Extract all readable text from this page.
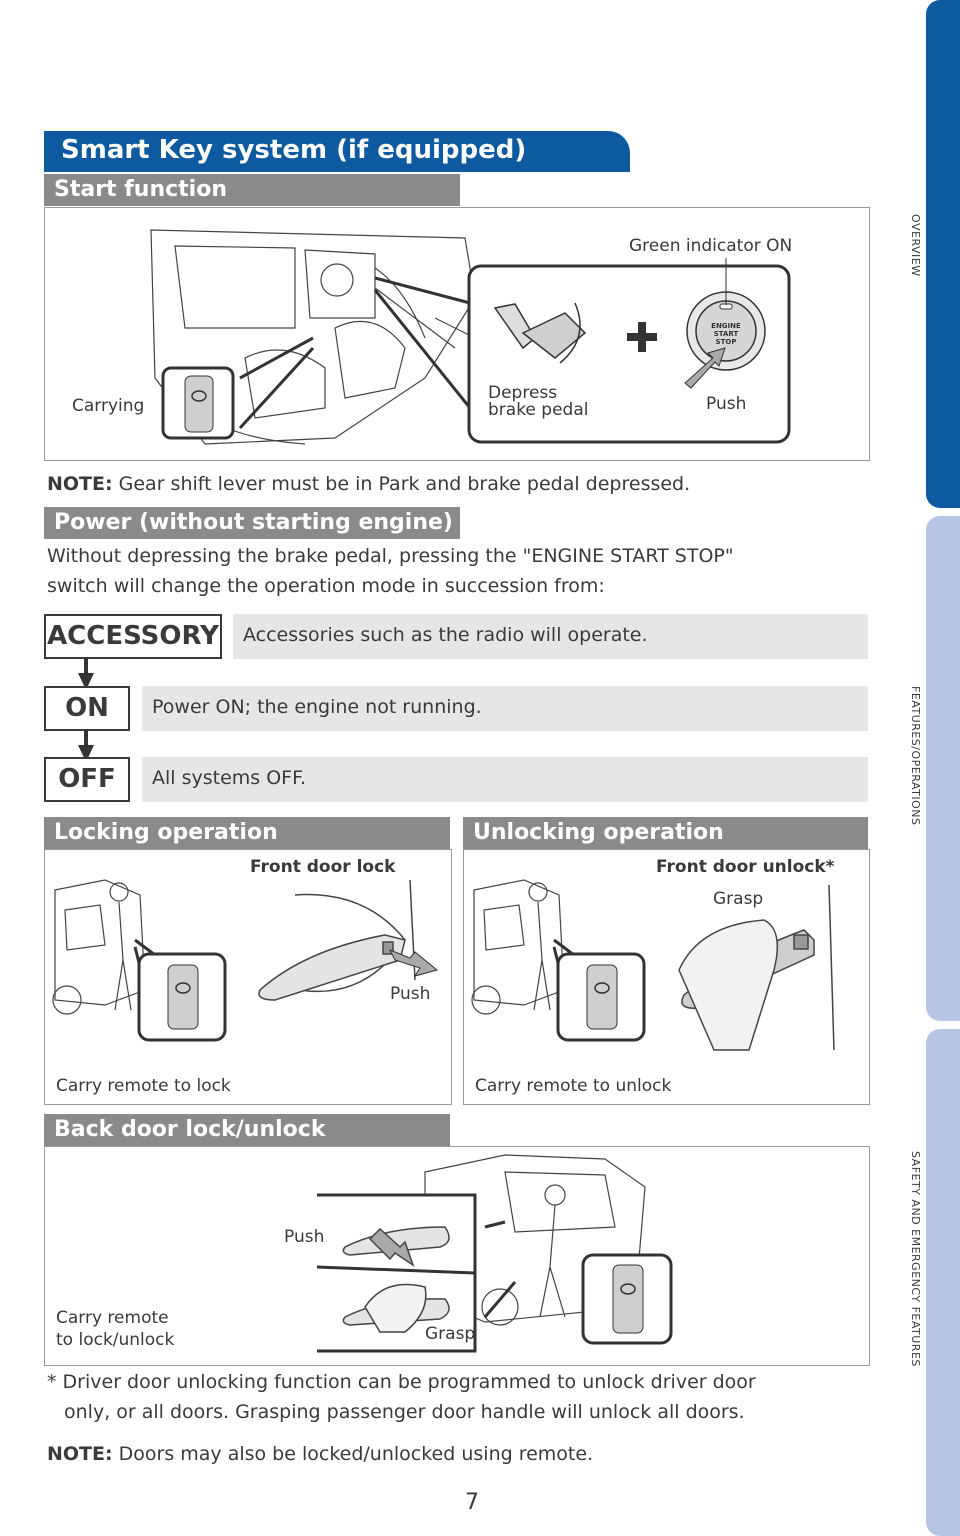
OVERVIEW
FEATURES/OPERATIONS
SAFETY AND EMERGENCY FEATURES
Smart Key system (if equipped)
Start function
ENGINE
START
STOP
Green indicator ON
Depress
brake pedal	Push
Carrying
NOTE: Gear shift lever must be in Park and brake pedal depressed.
Power (without starting engine)
Without depressing the brake pedal, pressing the "ENGINE START STOP"
switch will change the operation mode in succession from:
Accessories such as the radio will operate.
ACCESSORY
Power ON; the engine not running.
ON
All systems OFF.
OFF
Locking operation
Front door lock
Push
Carry remote to lock
Unlocking operation
Front door unlock*
Grasp
Carry remote to unlock
Back door lock/unlock
Push
Grasp
Carry remote
to lock/unlock
* Driver door unlocking function can be programmed to unlock driver door
only, or all doors. Grasping passenger door handle will unlock all doors.
NOTE: Doors may also be locked/unlocked using remote.
7
